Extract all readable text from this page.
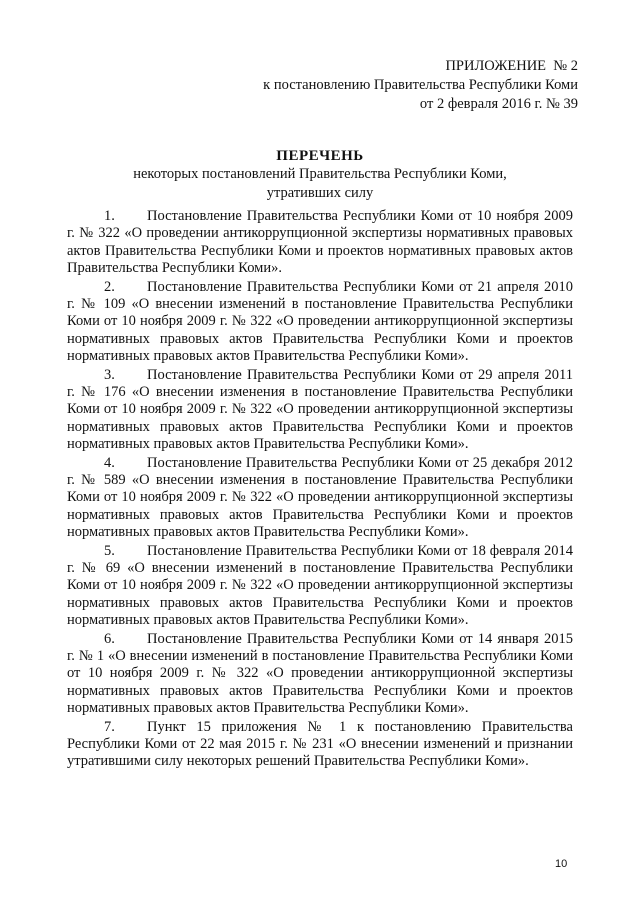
ПРИЛОЖЕНИЕ  № 2
к постановлению Правительства Республики Коми
от 2 февраля 2016 г. № 39
ПЕРЕЧЕНЬ
некоторых постановлений Правительства Республики Коми,
утративших силу

1. Постановление Правительства Республики Коми от 10 ноября 2009 г. № 322 «О проведении антикоррупционной экспертизы нормативных правовых актов Правительства Республики Коми и проектов нормативных правовых актов Правительства Республики Коми».

2. Постановление Правительства Республики Коми от 21 апреля 2010 г. № 109 «О внесении изменений в постановление Правительства Республики Коми от 10 ноября 2009 г. № 322 «О проведении антикоррупционной экспертизы нормативных правовых актов Правительства Республики Коми и проектов нормативных правовых актов Правительства Республики Коми».

3. Постановление Правительства Республики Коми от 29 апреля 2011 г. № 176 «О внесении изменения в постановление Правительства Республики Коми от 10 ноября 2009 г. № 322 «О проведении антикоррупционной экспертизы нормативных правовых актов Правительства Республики Коми и проектов нормативных правовых актов Правительства Республики Коми».

4. Постановление Правительства Республики Коми от 25 декабря 2012 г. № 589 «О внесении изменения в постановление Правительства Республики Коми от 10 ноября 2009 г. № 322 «О проведении антикоррупционной экспертизы нормативных правовых актов Правительства Республики Коми и проектов нормативных правовых актов Правительства Республики Коми».

5. Постановление Правительства Республики Коми от 18 февраля 2014 г. № 69 «О внесении изменений в постановление Правительства Республики Коми от 10 ноября 2009 г. № 322 «О проведении антикоррупционной экспертизы нормативных правовых актов Правительства Республики Коми и проектов нормативных правовых актов Правительства Республики Коми».

6. Постановление Правительства Республики Коми от 14 января 2015 г. № 1 «О внесении изменений в постановление Правительства Республики Коми от 10 ноября 2009 г. № 322 «О проведении антикоррупционной экспертизы нормативных правовых актов Правительства Республики Коми и проектов нормативных правовых актов Правительства Республики Коми».

7. Пункт 15 приложения № 1 к постановлению Правительства Республики Коми от 22 мая 2015 г. № 231 «О внесении изменений и признании утратившими силу некоторых решений Правительства Республики Коми».

10
